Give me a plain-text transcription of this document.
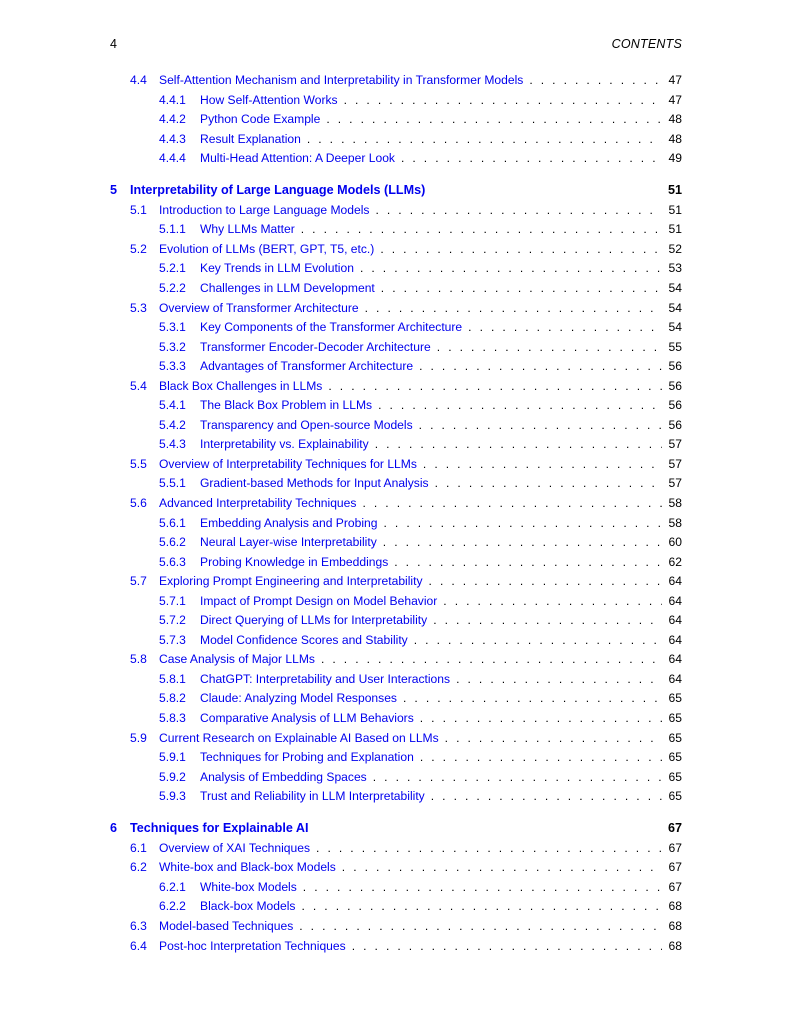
4	CONTENTS
4.4 Self-Attention Mechanism and Interpretability in Transformer Models . . .	47
4.4.1 How Self-Attention Works . . .	47
4.4.2 Python Code Example . . .	48
4.4.3 Result Explanation . . .	48
4.4.4 Multi-Head Attention: A Deeper Look . . .	49
5 Interpretability of Large Language Models (LLMs)	51
5.1 Introduction to Large Language Models . . .	51
5.1.1 Why LLMs Matter . . .	51
5.2 Evolution of LLMs (BERT, GPT, T5, etc.) . . .	52
5.2.1 Key Trends in LLM Evolution . . .	53
5.2.2 Challenges in LLM Development . . .	54
5.3 Overview of Transformer Architecture . . .	54
5.3.1 Key Components of the Transformer Architecture . . .	54
5.3.2 Transformer Encoder-Decoder Architecture . . .	55
5.3.3 Advantages of Transformer Architecture . . .	56
5.4 Black Box Challenges in LLMs . . .	56
5.4.1 The Black Box Problem in LLMs . . .	56
5.4.2 Transparency and Open-source Models . . .	56
5.4.3 Interpretability vs. Explainability . . .	57
5.5 Overview of Interpretability Techniques for LLMs . . .	57
5.5.1 Gradient-based Methods for Input Analysis . . .	57
5.6 Advanced Interpretability Techniques . . .	58
5.6.1 Embedding Analysis and Probing . . .	58
5.6.2 Neural Layer-wise Interpretability . . .	60
5.6.3 Probing Knowledge in Embeddings . . .	62
5.7 Exploring Prompt Engineering and Interpretability . . .	64
5.7.1 Impact of Prompt Design on Model Behavior . . .	64
5.7.2 Direct Querying of LLMs for Interpretability . . .	64
5.7.3 Model Confidence Scores and Stability . . .	64
5.8 Case Analysis of Major LLMs . . .	64
5.8.1 ChatGPT: Interpretability and User Interactions . . .	64
5.8.2 Claude: Analyzing Model Responses . . .	65
5.8.3 Comparative Analysis of LLM Behaviors . . .	65
5.9 Current Research on Explainable AI Based on LLMs . . .	65
5.9.1 Techniques for Probing and Explanation . . .	65
5.9.2 Analysis of Embedding Spaces . . .	65
5.9.3 Trust and Reliability in LLM Interpretability . . .	65
6 Techniques for Explainable AI	67
6.1 Overview of XAI Techniques . . .	67
6.2 White-box and Black-box Models . . .	67
6.2.1 White-box Models . . .	67
6.2.2 Black-box Models . . .	68
6.3 Model-based Techniques . . .	68
6.4 Post-hoc Interpretation Techniques . . .	68
